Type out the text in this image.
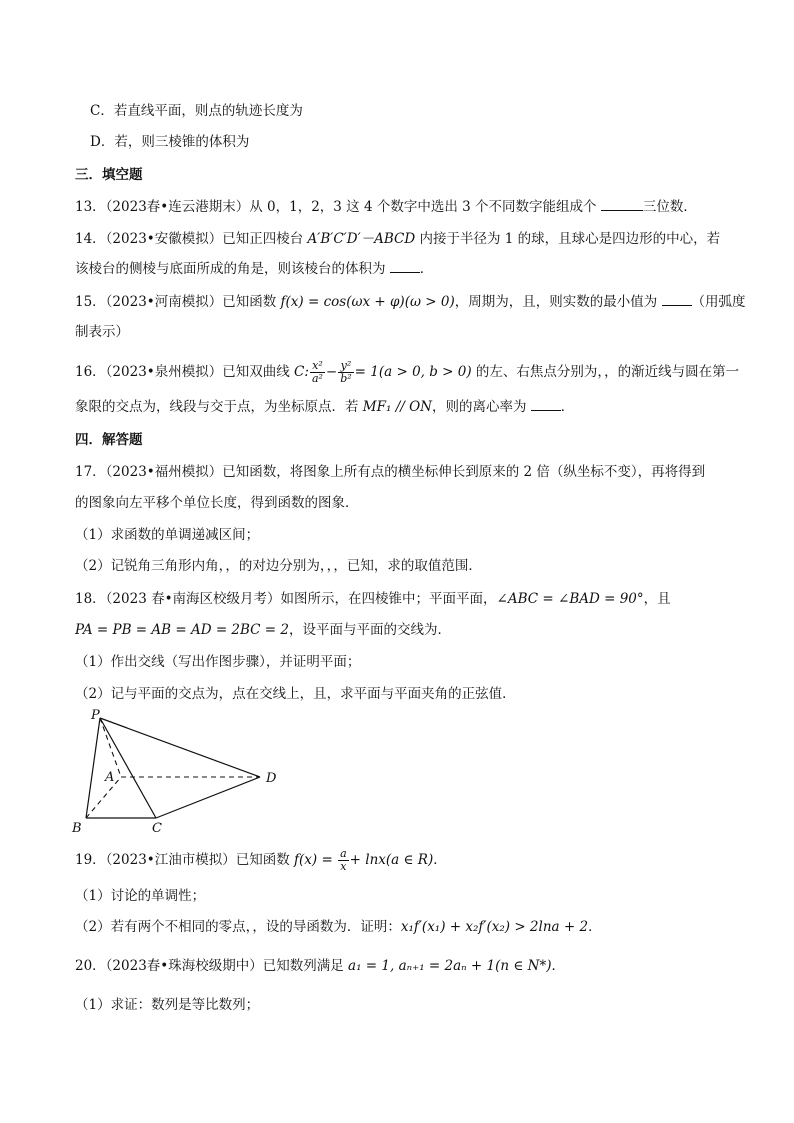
C．若直线平面，则点的轨迹长度为
D．若，则三棱锥的体积为
三．填空题
13．（2023春•连云港期末）从 0，1，2，3 这 4 个数字中选出 3 个不同数字能组成个	三位数．
14．（2023•安徽模拟）已知正四棱台 A′B′C′D′－ABCD 内接于半径为 1 的球，且球心是四边形的中心，若
该棱台的侧棱与底面所成的角是，则该棱台的体积为 ．
15．（2023•河南模拟）已知函数 f(x) = cos(ωx + φ)(ω > 0)，周期为，且，则实数的最小值为 （用弧度
制表示）
16．（2023•泉州模拟）已知双曲线 C: $\frac{\text{x²}}{\text{a²}} - \frac{\text{y²}}{\text{b²}} = 1(a > 0$, b > 0) 的左、右焦点分别为，，的渐近线与圆在第一
象限的交点为，线段与交于点，为坐标原点．若 MF₁ // ON，则的离心率为 ．
四．解答题
17．（2023•福州模拟）已知函数，将图象上所有点的横坐标伸长到原来的 2 倍（纵坐标不变），再将得到
的图象向左平移个单位长度，得到函数的图象．
（1）求函数的单调递减区间；
（2）记锐角三角形内角，，的对边分别为，，，已知，求的取值范围．
18．（2023 春•南海区校级月考）如图所示，在四棱锥中；平面平面，∠ABC = ∠BAD = 90°，且
PA = PB = AB = AD = 2BC = 2，设平面与平面的交线为．
（1）作出交线（写出作图步骤），并证明平面；
（2）记与平面的交点为，点在交线上，且，求平面与平面夹角的正弦值．
P
A
B	C
D
19．（2023•江油市模拟）已知函数 $f(x) = \frac{a}{x} + \ln x(a$ ∈ R)．
（1）讨论的单调性；
（2）若有两个不相同的零点，，设的导函数为．证明：x₁f′(x₁) + x₂f′(x₂) > 2lna + 2．
20．（2023春•珠海校级期中）已知数列满足 a₁ = 1, aₙ₊₁ = 2aₙ + 1(n ∈ N*)．
（1）求证：数列是等比数列；
